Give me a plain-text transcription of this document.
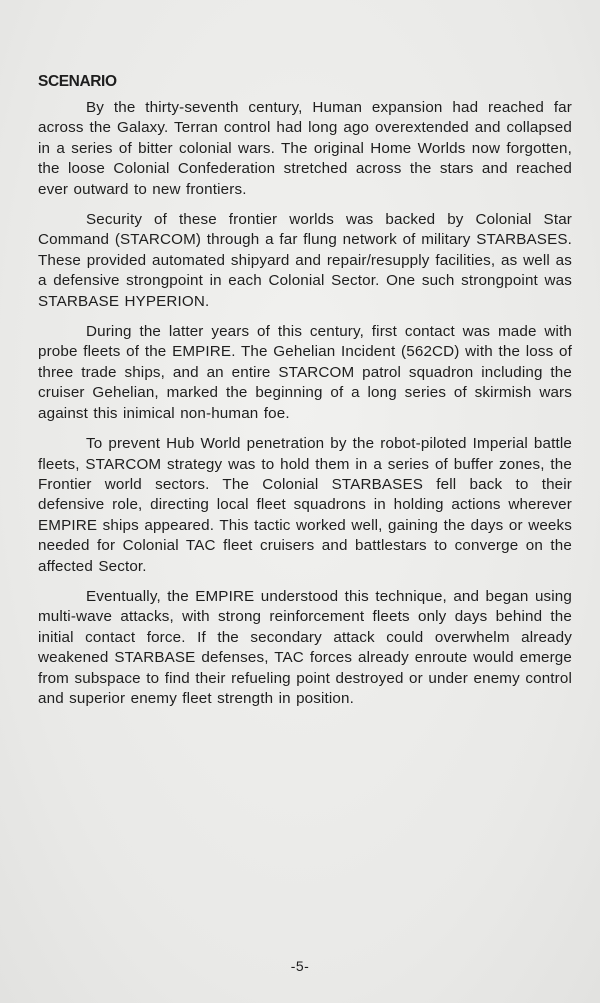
SCENARIO

By the thirty-seventh century, Human expansion had reached far across the Galaxy. Terran control had long ago overextended and collapsed in a series of bitter colonial wars. The original Home Worlds now forgotten, the loose Colonial Confederation stretched across the stars and reached ever outward to new frontiers.

Security of these frontier worlds was backed by Colonial Star Command (STARCOM) through a far flung network of military STARBASES. These provided automated shipyard and repair/resupply facilities, as well as a defensive strongpoint in each Colonial Sector. One such strongpoint was STARBASE HYPERION.

During the latter years of this century, first contact was made with probe fleets of the EMPIRE. The Gehelian Incident (562CD) with the loss of three trade ships, and an entire STARCOM patrol squadron including the cruiser Gehelian, marked the beginning of a long series of skirmish wars against this inimical non-human foe.

To prevent Hub World penetration by the robot-piloted Imperial battle fleets, STARCOM strategy was to hold them in a series of buffer zones, the Frontier world sectors. The Colonial STARBASES fell back to their defensive role, directing local fleet squadrons in holding actions wherever EMPIRE ships appeared. This tactic worked well, gaining the days or weeks needed for Colonial TAC fleet cruisers and battlestars to converge on the affected Sector.

Eventually, the EMPIRE understood this technique, and began using multi-wave attacks, with strong reinforcement fleets only days behind the initial contact force. If the secondary attack could overwhelm already weakened STARBASE defenses, TAC forces already enroute would emerge from subspace to find their refueling point destroyed or under enemy control and superior enemy fleet strength in position.

-5-
